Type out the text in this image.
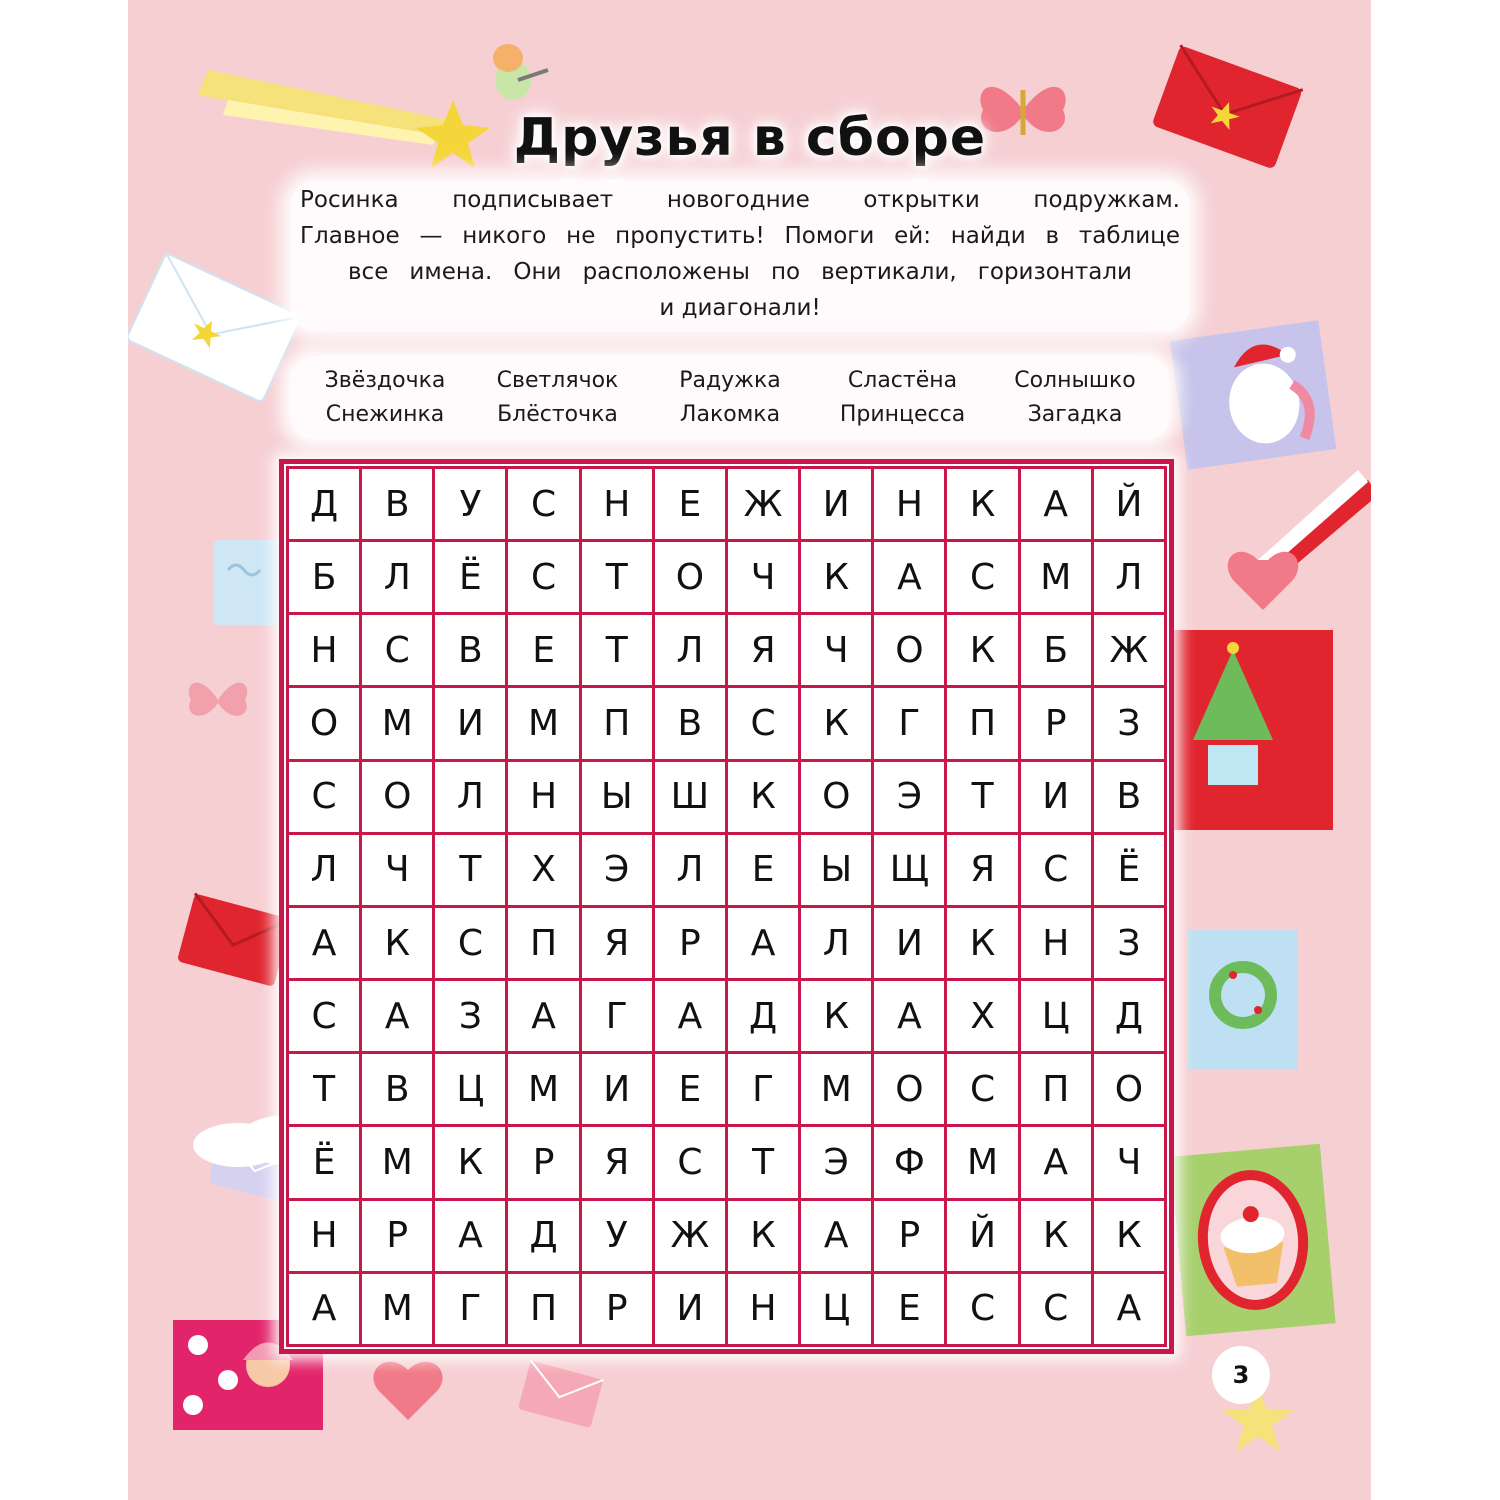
Друзья в сборе
Росинка подписывает новогодние открытки подружкам.
Главное — никого не пропустить! Помоги ей: найди в таблице
все имена. Они расположены по вертикали, горизонтали
и диагонали!
Звёздочка
Снежинка
Светлячок
Блёсточка
Радужка
Лакомка
Сластёна
Принцесса
Солнышко
Загадка
Д	В	У	С	Н	Е	Ж	И	Н	К	А	Й
Б	Л	Ё	С	Т	О	Ч	К	А	С	М	Л
Н	С	В	Е	Т	Л	Я	Ч	О	К	Б	Ж
О	М	И	М	П	В	С	К	Г	П	Р	З
С	О	Л	Н	Ы	Ш	К	О	Э	Т	И	В
Л	Ч	Т	Х	Э	Л	Е	Ы	Щ	Я	С	Ё
А	К	С	П	Я	Р	А	Л	И	К	Н	З
С	А	З	А	Г	А	Д	К	А	Х	Ц	Д
Т	В	Ц	М	И	Е	Г	М	О	С	П	О
Ё	М	К	Р	Я	С	Т	Э	Ф	М	А	Ч
Н	Р	А	Д	У	Ж	К	А	Р	Й	К	К
А	М	Г	П	Р	И	Н	Ц	Е	С	С	А
3
